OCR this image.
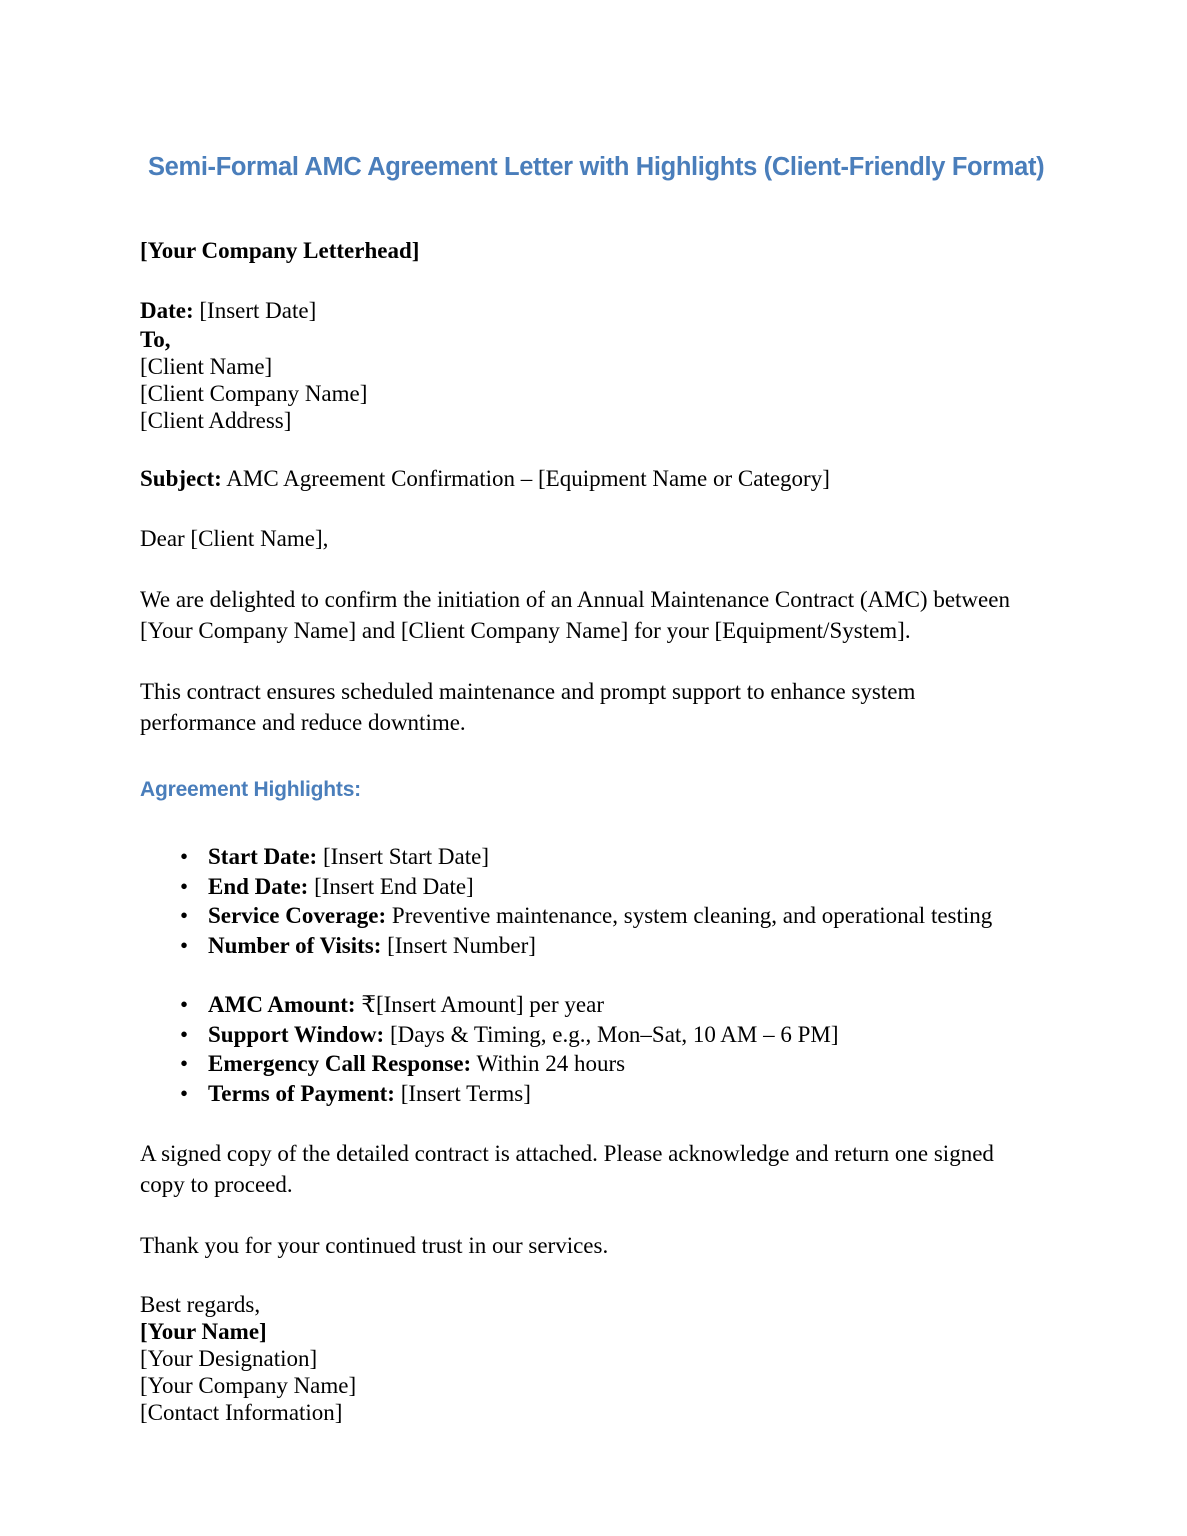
Semi-Formal AMC Agreement Letter with Highlights (Client-Friendly Format)
[Your Company Letterhead]
Date: [Insert Date]
To,
[Client Name]
[Client Company Name]
[Client Address]
Subject: AMC Agreement Confirmation – [Equipment Name or Category]
Dear [Client Name],
We are delighted to confirm the initiation of an Annual Maintenance Contract (AMC) between [Your Company Name] and [Client Company Name] for your [Equipment/System].
This contract ensures scheduled maintenance and prompt support to enhance system performance and reduce downtime.
Agreement Highlights:
• Start Date: [Insert Start Date]
• End Date: [Insert End Date]
• Service Coverage: Preventive maintenance, system cleaning, and operational testing
• Number of Visits: [Insert Number]
• AMC Amount: ₹[Insert Amount] per year
• Support Window: [Days & Timing, e.g., Mon–Sat, 10 AM – 6 PM]
• Emergency Call Response: Within 24 hours
• Terms of Payment: [Insert Terms]
A signed copy of the detailed contract is attached. Please acknowledge and return one signed copy to proceed.
Thank you for your continued trust in our services.
Best regards,
[Your Name]
[Your Designation]
[Your Company Name]
[Contact Information]
